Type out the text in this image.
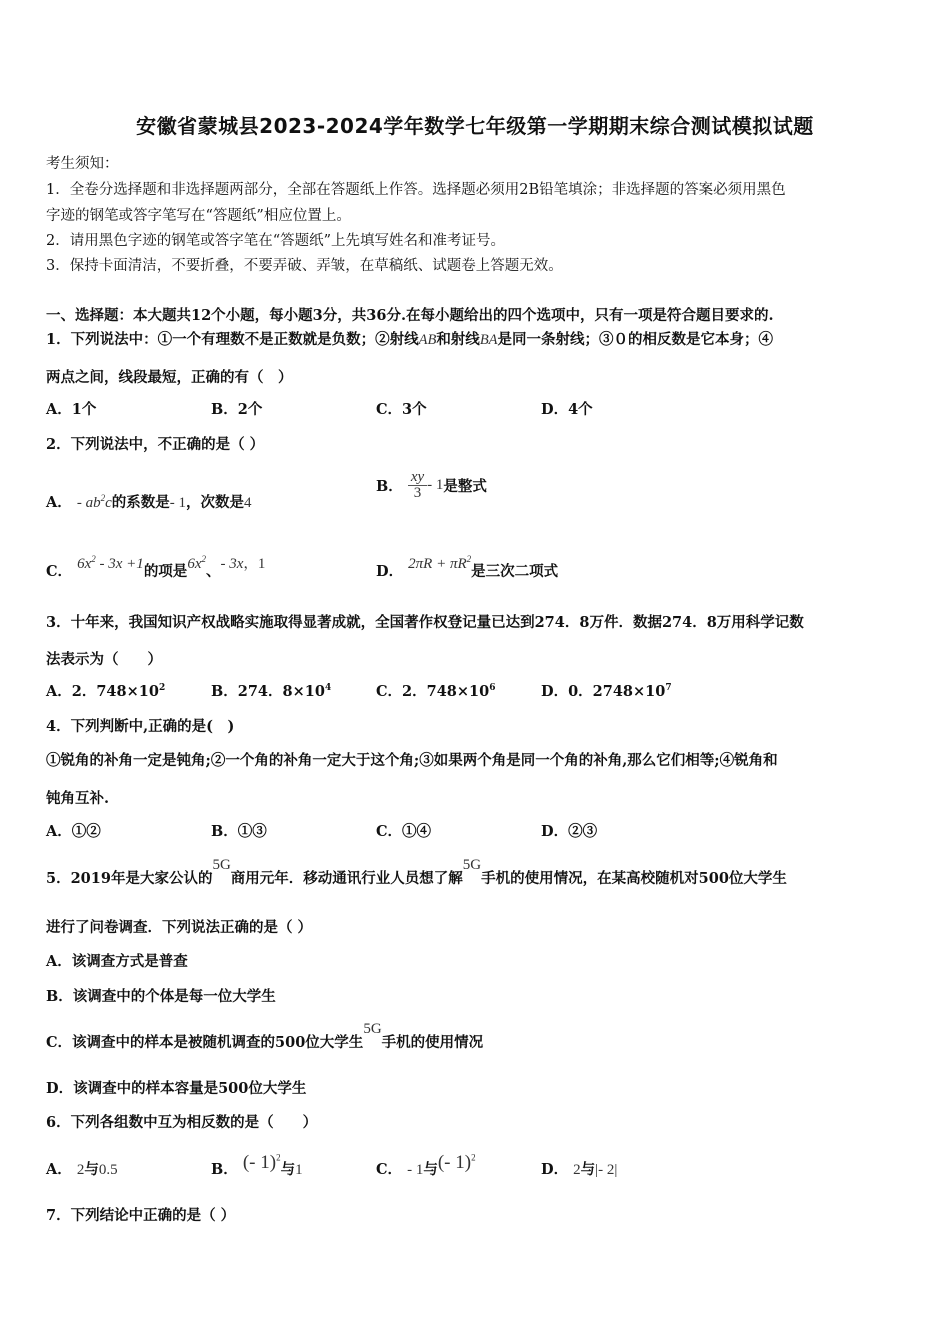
安徽省蒙城县2023-2024学年数学七年级第一学期期末综合测试模拟试题
考生须知：
1．全卷分选择题和非选择题两部分，全部在答题纸上作答。选择题必须用2B铅笔填涂；非选择题的答案必须用黑色
字迹的钢笔或答字笔写在“答题纸”相应位置上。
2．请用黑色字迹的钢笔或答字笔在“答题纸”上先填写姓名和准考证号。
3．保持卡面清洁，不要折叠，不要弄破、弄皱，在草稿纸、试题卷上答题无效。
一、选择题：本大题共12个小题，每小题3分，共36分.在每小题给出的四个选项中，只有一项是符合题目要求的.
1．下列说法中：①一个有理数不是正数就是负数；②射线AB和射线BA是同一条射线；③０的相反数是它本身；④
两点之间，线段最短，正确的有（　）
A．1个	B．2个	C．3个	D．4个
2．下列说法中，不正确的是（ ）
A． - $ab^2c$的系数是- 1，次数是4
B． $\frac{xy}{3} - 1$是整式
C． $6x^2 - 3x +1$的项是$6x^2$、- 3x，1	D． $2\pi R + \pi R^2$是三次二项式
3．十年来，我国知识产权战略实施取得显著成就，全国著作权登记量已达到274．8万件．数据274．8万用科学记数
法表示为（　　）
A．2．$748\times 10^2$	B．274．$8\times 10^4$	C．2．$748\times 10^6$	D．0．$2748\times 10^7$
4．下列判断中,正确的是(　)
①锐角的补角一定是钝角;②一个角的补角一定大于这个角;③如果两个角是同一个角的补角,那么它们相等;④锐角和
钝角互补.
A．①②	B．①③	C．①④	D．②③
5．2019年是大家公认的5G商用元年．移动通讯行业人员想了解5G手机的使用情况，在某高校随机对500位大学生
进行了问卷调查．下列说法正确的是（ ）
A．该调查方式是普查
B．该调查中的个体是每一位大学生
C．该调查中的样本是被随机调查的500位大学生5G手机的使用情况
D．该调查中的样本容量是500位大学生
6．下列各组数中互为相反数的是（　　）
A． 2与0.5	B． (- 1)$^2$与1	C． - 1与(- 1)$^2$
D． 2与|- 2|
7．下列结论中正确的是（ ）
